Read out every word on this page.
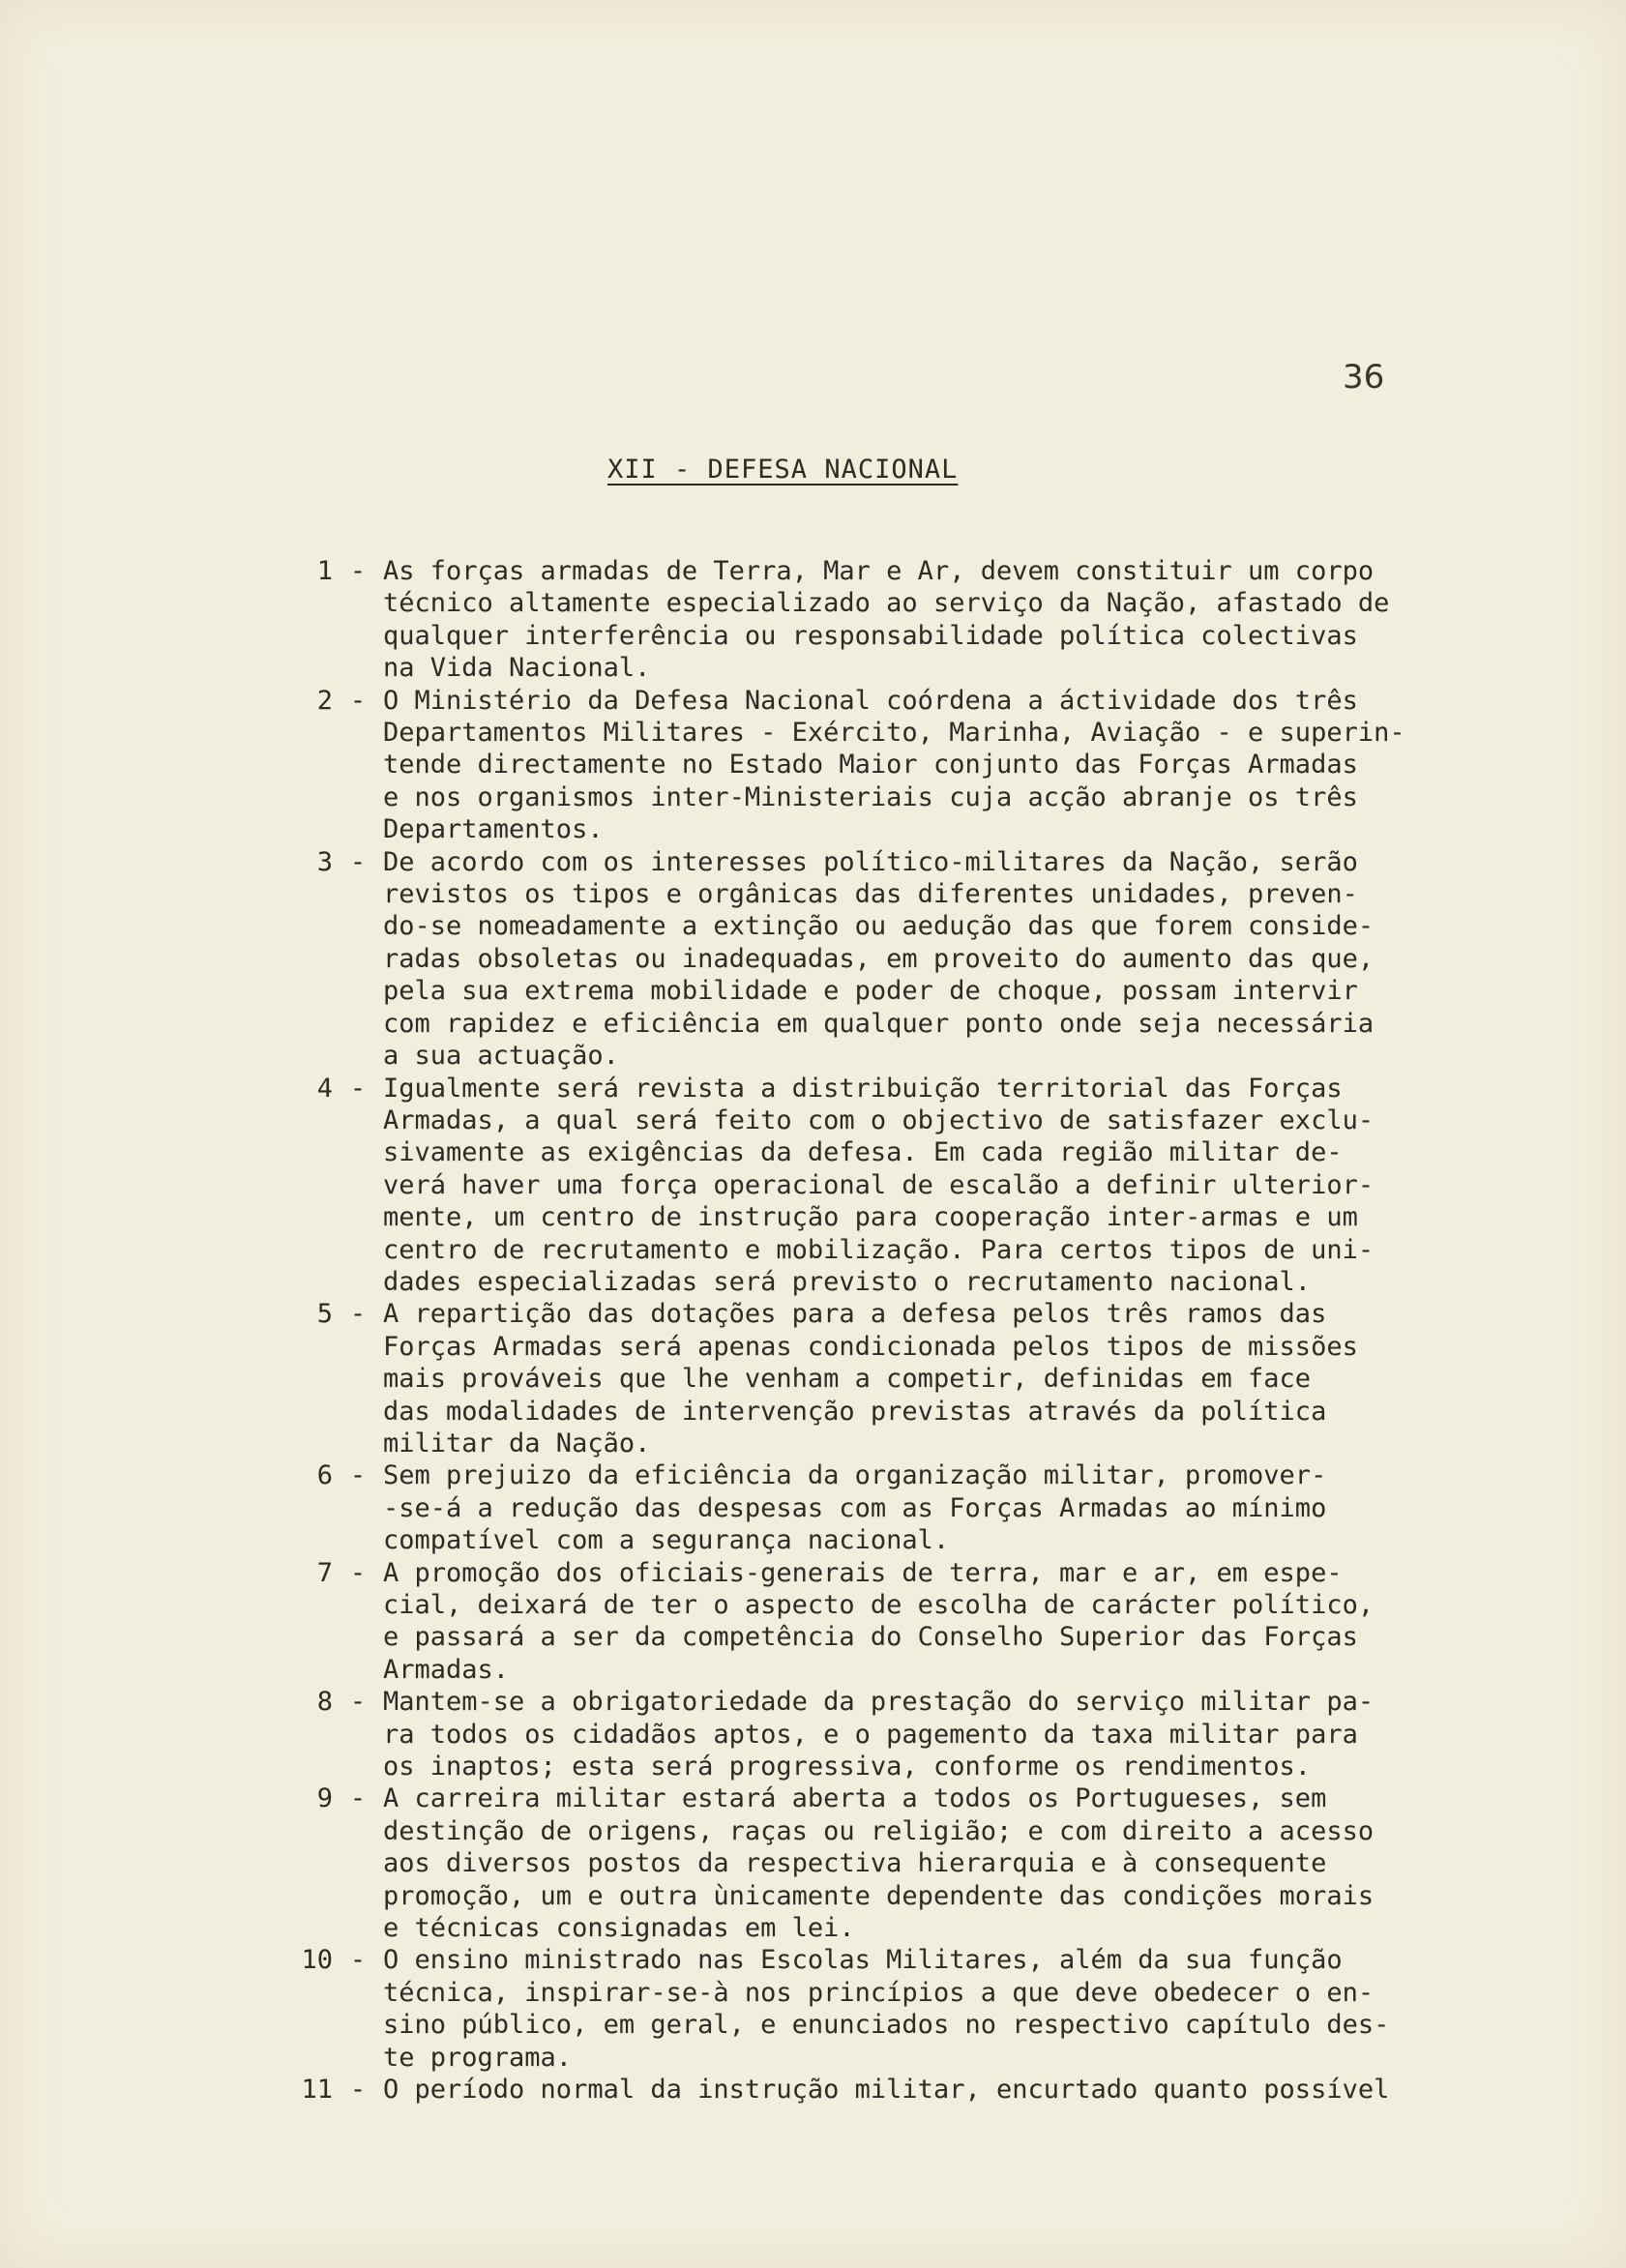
36
XII - DEFESA NACIONAL
1 - As forças armadas de Terra, Mar e Ar, devem constituir um corpo
técnico altamente especializado ao serviço da Nação, afastado de
qualquer interferência ou responsabilidade política colectivas
na Vida Nacional.
2 - O Ministério da Defesa Nacional coórdena a áctividade dos três
Departamentos Militares - Exército, Marinha, Aviação - e superin-
tende directamente no Estado Maior conjunto das Forças Armadas
e nos organismos inter-Ministeriais cuja acção abranje os três
Departamentos.
3 - De acordo com os interesses político-militares da Nação, serão
revistos os tipos e orgânicas das diferentes unidades, preven-
do-se nomeadamente a extinção ou aedução das que forem conside-
radas obsoletas ou inadequadas, em proveito do aumento das que,
pela sua extrema mobilidade e poder de choque, possam intervir
com rapidez e eficiência em qualquer ponto onde seja necessária
a sua actuação.
4 - Igualmente será revista a distribuição territorial das Forças
Armadas, a qual será feito com o objectivo de satisfazer exclu-
sivamente as exigências da defesa. Em cada região militar de-
verá haver uma força operacional de escalão a definir ulterior-
mente, um centro de instrução para cooperação inter-armas e um
centro de recrutamento e mobilização. Para certos tipos de uni-
dades especializadas será previsto o recrutamento nacional.
5 - A repartição das dotações para a defesa pelos três ramos das
Forças Armadas será apenas condicionada pelos tipos de missões
mais prováveis que lhe venham a competir, definidas em face
das modalidades de intervenção previstas através da política
militar da Nação.
6 - Sem prejuizo da eficiência da organização militar, promover-
-se-á a redução das despesas com as Forças Armadas ao mínimo
compatível com a segurança nacional.
7 - A promoção dos oficiais-generais de terra, mar e ar, em espe-
cial, deixará de ter o aspecto de escolha de carácter político,
e passará a ser da competência do Conselho Superior das Forças
Armadas.
8 - Mantem-se a obrigatoriedade da prestação do serviço militar pa-
ra todos os cidadãos aptos, e o pagemento da taxa militar para
os inaptos; esta será progressiva, conforme os rendimentos.
9 - A carreira militar estará aberta a todos os Portugueses, sem
destinção de origens, raças ou religião; e com direito a acesso
aos diversos postos da respectiva hierarquia e à consequente
promoção, um e outra ùnicamente dependente das condições morais
e técnicas consignadas em lei.
10 - O ensino ministrado nas Escolas Militares, além da sua função
técnica, inspirar-se-à nos princípios a que deve obedecer o en-
sino público, em geral, e enunciados no respectivo capítulo des-
te programa.
11 - O período normal da instrução militar, encurtado quanto possível
